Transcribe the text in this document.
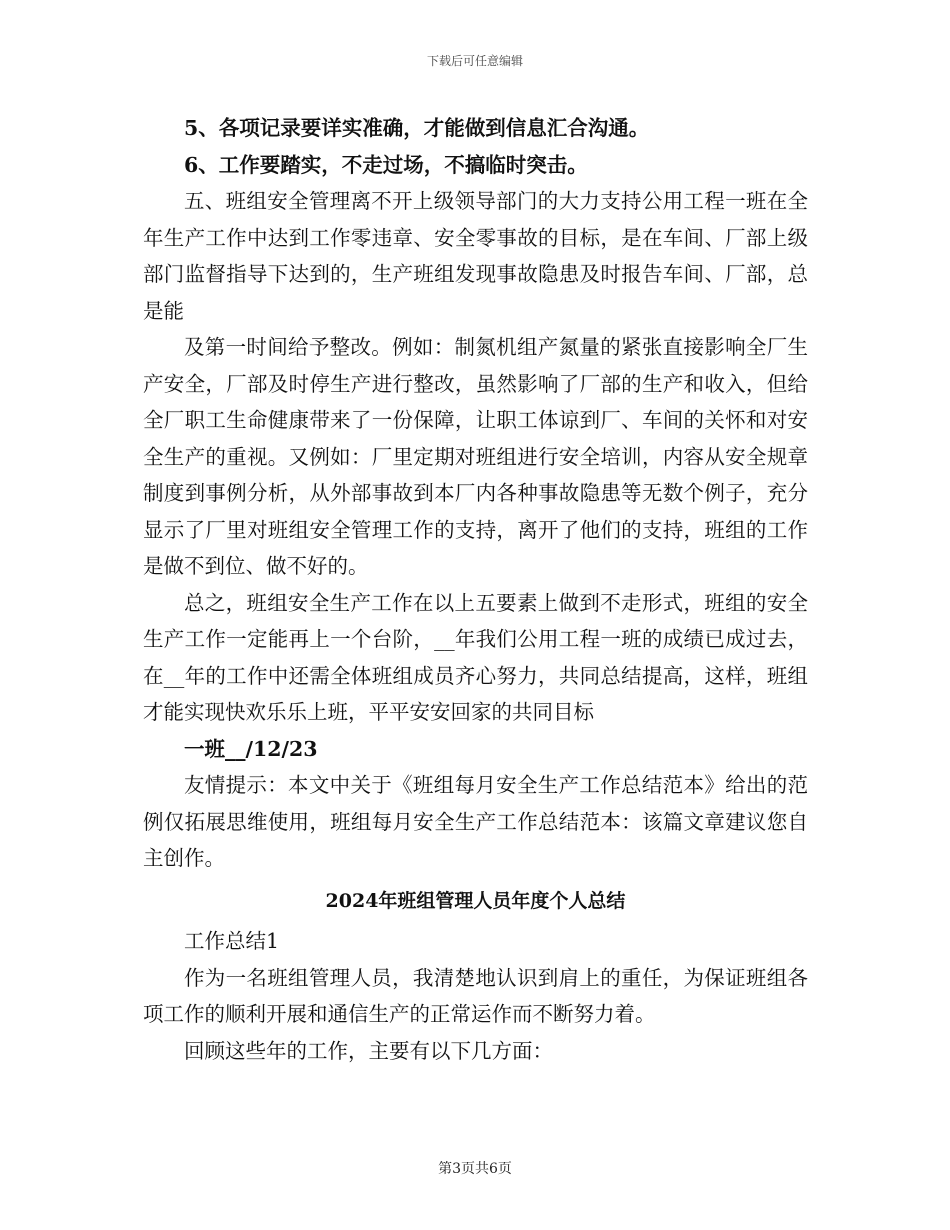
下载后可任意编辑

5、各项记录要详实准确，才能做到信息汇合沟通。

6、工作要踏实，不走过场，不搞临时突击。

五、班组安全管理离不开上级领导部门的大力支持公用工程一班在全年生产工作中达到工作零违章、安全零事故的目标，是在车间、厂部上级部门监督指导下达到的，生产班组发现事故隐患及时报告车间、厂部，总是能

及第一时间给予整改。例如：制氮机组产氮量的紧张直接影响全厂生产安全，厂部及时停生产进行整改，虽然影响了厂部的生产和收入，但给全厂职工生命健康带来了一份保障，让职工体谅到厂、车间的关怀和对安全生产的重视。又例如：厂里定期对班组进行安全培训，内容从安全规章制度到事例分析，从外部事故到本厂内各种事故隐患等无数个例子，充分显示了厂里对班组安全管理工作的支持，离开了他们的支持，班组的工作是做不到位、做不好的。

总之，班组安全生产工作在以上五要素上做到不走形式，班组的安全生产工作一定能再上一个台阶，__年我们公用工程一班的成绩已成过去，在__年的工作中还需全体班组成员齐心努力，共同总结提高，这样，班组才能实现快欢乐乐上班，平平安安回家的共同目标

一班__/12/23

友情提示：本文中关于《班组每月安全生产工作总结范本》给出的范例仅拓展思维使用，班组每月安全生产工作总结范本：该篇文章建议您自主创作。

2024年班组管理人员年度个人总结

工作总结1

作为一名班组管理人员，我清楚地认识到肩上的重任，为保证班组各项工作的顺利开展和通信生产的正常运作而不断努力着。

回顾这些年的工作，主要有以下几方面：

第3页共6页
